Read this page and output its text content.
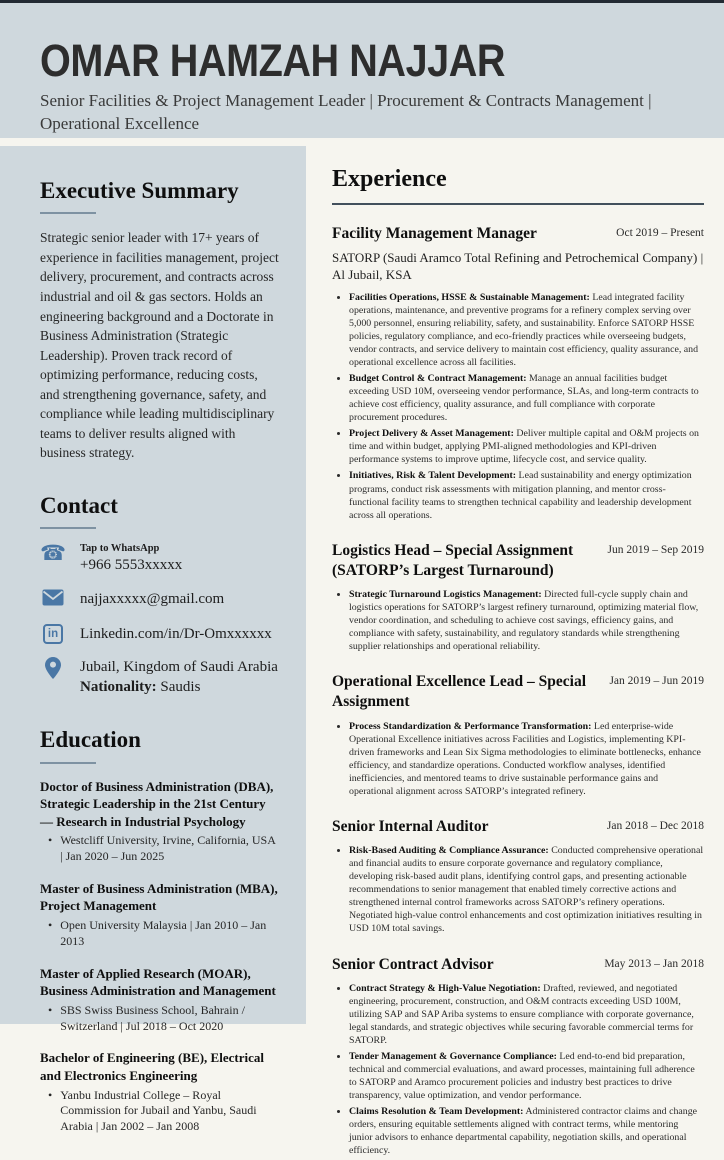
OMAR HAMZAH NAJJAR

Senior Facilities & Project Management Leader | Procurement & Contracts Management | Operational Excellence

Executive Summary

Strategic senior leader with 17+ years of experience in facilities management, project delivery, procurement, and contracts across industrial and oil & gas sectors. Holds an engineering background and a Doctorate in Business Administration (Strategic Leadership). Proven track record of optimizing performance, reducing costs, and strengthening governance, safety, and compliance while leading multidisciplinary teams to deliver results aligned with business strategy.

Contact
☎ Tap to WhatsApp
+966 5553xxxxx
najjaxxxxx@gmail.com
in	Linkedin.com/in/Dr-Omxxxxxx
Jubail, Kingdom of Saudi Arabia
Nationality: Saudis
Education
Doctor of Business Administration (DBA), Strategic Leadership in the 21st Century — Research in Industrial Psychology
• Westcliff University, Irvine, California, USA | Jan 2020 – Jun 2025
Master of Business Administration (MBA), Project Management
• Open University Malaysia | Jan 2010 – Jan 2013
Master of Applied Research (MOAR), Business Administration and Management
• SBS Swiss Business School, Bahrain / Switzerland | Jul 2018 – Oct 2020
Bachelor of Engineering (BE), Electrical and Electronics Engineering
• Yanbu Industrial College – Royal Commission for Jubail and Yanbu, Saudi Arabia | Jan 2002 – Jan 2008
Experience
Facility Management Manager	Oct 2019 – Present

SATORP (Saudi Aramco Total Refining and Petrochemical Company) | Al Jubail, KSA

• Facilities Operations, HSSE & Sustainable Management: Lead integrated facility operations, maintenance, and preventive programs for a refinery complex serving over 5,000 personnel, ensuring reliability, safety, and sustainability. Enforce SATORP HSSE policies, regulatory compliance, and eco-friendly practices while overseeing budgets, vendor contracts, and service delivery to maintain cost efficiency, quality assurance, and operational excellence across all facilities.
• Budget Control & Contract Management: Manage an annual facilities budget exceeding USD 10M, overseeing vendor performance, SLAs, and long-term contracts to achieve cost efficiency, quality assurance, and full compliance with corporate procurement procedures.
• Project Delivery & Asset Management: Deliver multiple capital and O&M projects on time and within budget, applying PMI-aligned methodologies and KPI-driven performance systems to improve uptime, lifecycle cost, and service quality.
• Initiatives, Risk & Talent Development: Lead sustainability and energy optimization programs, conduct risk assessments with mitigation planning, and mentor cross-functional facility teams to strengthen technical capability and leadership development across all operations.
Logistics Head – Special Assignment (SATORP’s Largest Turnaround)
Jun 2019 – Sep 2019
• Strategic Turnaround Logistics Management: Directed full-cycle supply chain and logistics operations for SATORP’s largest refinery turnaround, optimizing material flow, vendor coordination, and scheduling to achieve cost savings, efficiency gains, and compliance with safety, sustainability, and regulatory standards while strengthening supplier relationships and operational reliability.
Operational Excellence Lead – Special Assignment
Jan 2019 – Jun 2019
• Process Standardization & Performance Transformation: Led enterprise-wide Operational Excellence initiatives across Facilities and Logistics, implementing KPI-driven frameworks and Lean Six Sigma methodologies to eliminate bottlenecks, enhance efficiency, and standardize operations. Conducted workflow analyses, identified inefficiencies, and mentored teams to drive sustainable performance gains and operational alignment across SATORP’s integrated refinery.
Senior Internal Auditor	Jan 2018 – Dec 2018
• Risk-Based Auditing & Compliance Assurance: Conducted comprehensive operational and financial audits to ensure corporate governance and regulatory compliance, developing risk-based audit plans, identifying control gaps, and presenting actionable recommendations to senior management that enabled timely corrective actions and strengthened internal control frameworks across SATORP’s refinery operations. Negotiated high-value control enhancements and cost optimization initiatives resulting in USD 10M total savings.
Senior Contract Advisor	May 2013 – Jan 2018
• Contract Strategy & High-Value Negotiation: Drafted, reviewed, and negotiated engineering, procurement, construction, and O&M contracts exceeding USD 100M, utilizing SAP and SAP Ariba systems to ensure compliance with corporate governance, legal standards, and strategic objectives while securing favorable commercial terms for SATORP.
• Tender Management & Governance Compliance: Led end-to-end bid preparation, technical and commercial evaluations, and award processes, maintaining full adherence to SATORP and Aramco procurement policies and industry best practices to drive transparency, value optimization, and vendor performance.
• Claims Resolution & Team Development: Administered contractor claims and change orders, ensuring equitable settlements aligned with contract terms, while mentoring junior advisors to enhance departmental capability, negotiation skills, and operational efficiency.
